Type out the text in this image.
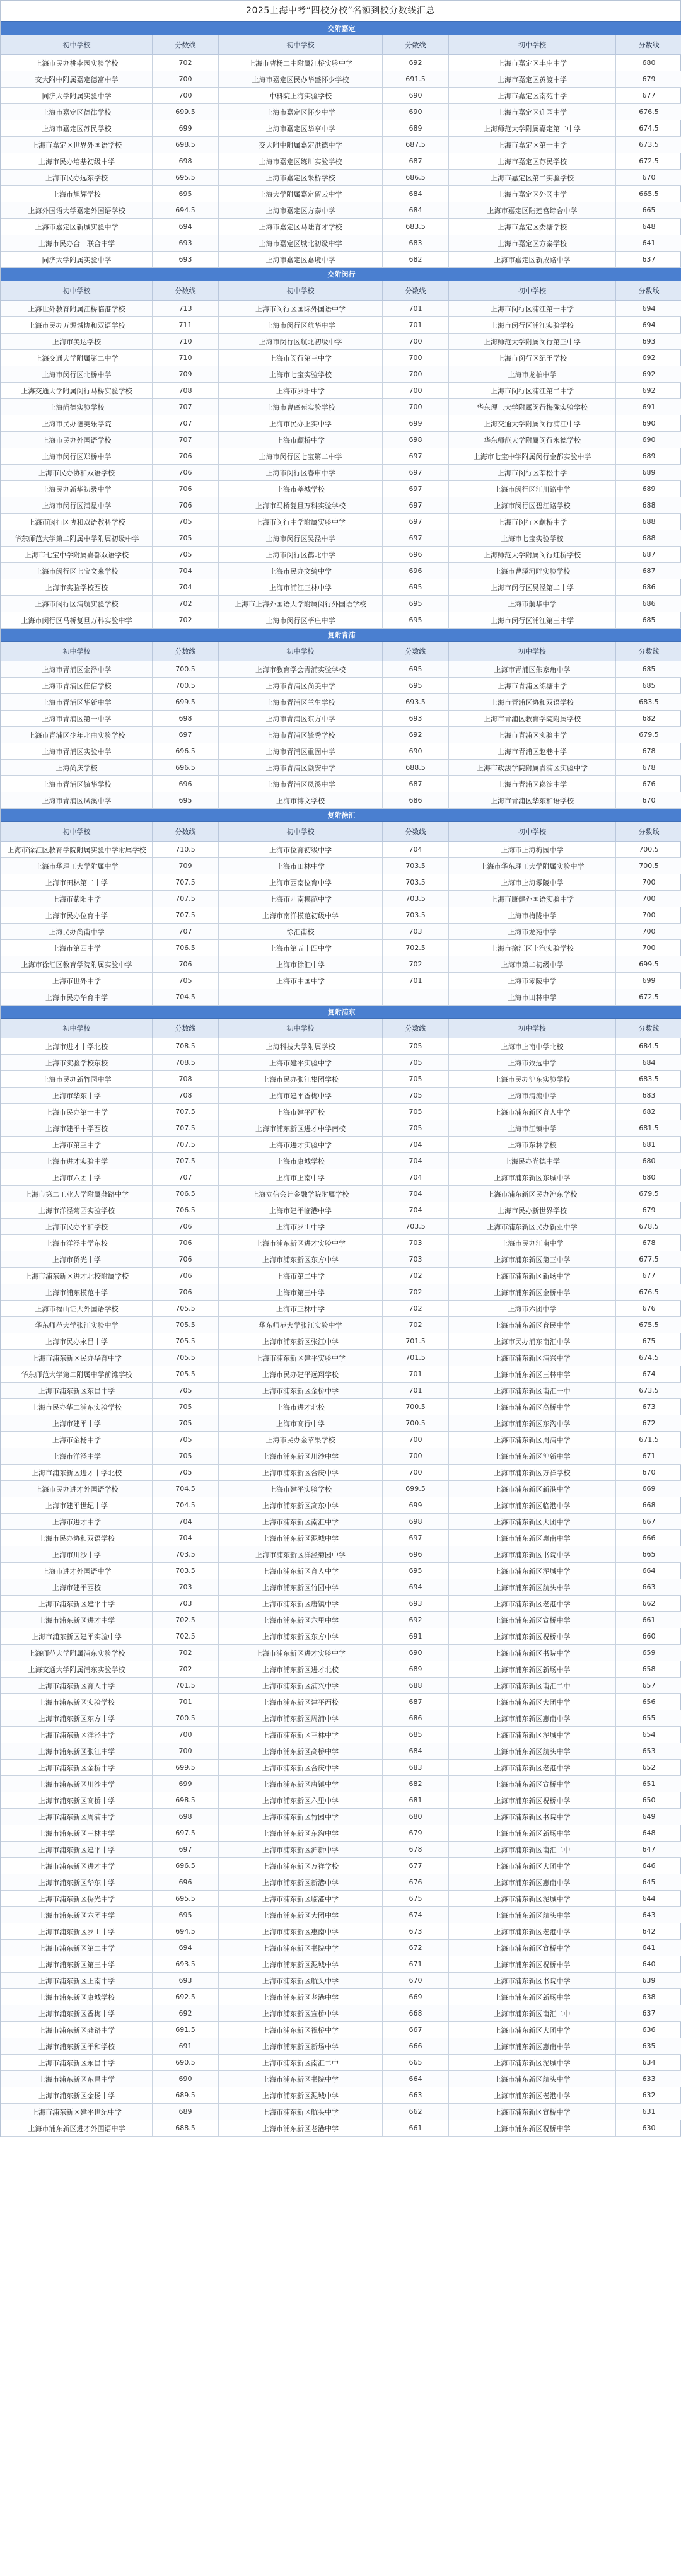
2025上海中考“四校分校”名额到校分数线汇总
交附嘉定					
初中学校	分数线	初中学校	分数线	初中学校	分数线
上海市民办桃李园实验学校	702	上海市曹杨二中附属江桥实验中学	692	上海市嘉定区丰庄中学	680
交大附中附属嘉定德富中学	700	上海市嘉定区民办华盛怀少学校	691.5	上海市嘉定区黄渡中学	679
同济大学附属实验中学	700	中科院上海实验学校	690	上海市嘉定区南苑中学	677
上海市嘉定区德律学校	699.5	上海市嘉定区怀少中学	690	上海市嘉定区迎园中学	676.5
上海市嘉定区苏民学校	699	上海市嘉定区华亭中学	689	上海师范大学附属嘉定第二中学	674.5
上海市嘉定区世界外国语学校	698.5	交大附中附属嘉定洪德中学	687.5	上海市嘉定区第一中学	673.5
上海市民办培基初级中学	698	上海市嘉定区练川实验学校	687	上海市嘉定区苏民学校	672.5
上海市民办远东学校	695.5	上海市嘉定区朱桥学校	686.5	上海市嘉定区第二实验学校	670
上海市旭辉学校	695	上海大学附属嘉定留云中学	684	上海市嘉定区外冈中学	665.5
上海外国语大学嘉定外国语学校	694.5	上海市嘉定区方泰中学	684	上海市嘉定区陆莲宫综合中学	665
上海市嘉定区新城实验中学	694	上海市嘉定区马陆育才学校	683.5	上海市嘉定区娄塘学校	648
上海市民办合一联合中学	693	上海市嘉定区城北初级中学	683	上海市嘉定区方泰学校	641
同济大学附属实验中学	693	上海市嘉定区嘉境中学	682	上海市嘉定区新成路中学	637
交附闵行					
初中学校	分数线	初中学校	分数线	初中学校	分数线
上海世外教育附属江桥临港学校	713	上海市闵行区国际外国语中学	701	上海市闵行区浦江第一中学	694
上海市民办万源城协和双语学校	711	上海市闵行区航华中学	701	上海市闵行区浦江实验学校	694
上海市美达学校	710	上海市闵行区航北初级中学	700	上海师范大学附属闵行第三中学	693
上海交通大学附属第二中学	710	上海市闵行第三中学	700	上海市闵行区纪王学校	692
上海市闵行区北桥中学	709	上海市七宝实验学校	700	上海市龙柏中学	692
上海交通大学附属闵行马桥实验学校	708	上海市罗阳中学	700	上海市闵行区浦江第二中学	692
上海尚德实验学校	707	上海市曹蓬苑实验学校	700	华东理工大学附属闵行梅陇实验学校	691
上海市民办德英乐学院	707	上海市民办上实中学	699	上海交通大学附属闵行浦江中学	690
上海市民办外国语学校	707	上海市颛桥中学	698	华东师范大学附属闵行永德学校	690
上海市闵行区郑桥中学	706	上海市闵行区七宝第二中学	697	上海市七宝中学附属闵行金都实验中学	689
上海市民办协和双语学校	706	上海市闵行区春申中学	697	上海市闵行区莘松中学	689
上海民办新华初级中学	706	上海市莘城学校	697	上海市闵行区江川路中学	689
上海市闵行区浦星中学	706	上海市马桥复旦万科实验学校	697	上海市闵行区碧江路学校	688
上海市闵行区协和双语教科学校	705	上海市闵行中学附属实验中学	697	上海市闵行区颛桥中学	688
华东师范大学第二附属中学附属初级中学	705	上海市闵行区吴泾中学	697	上海市七宝实验学校	688
上海市七宝中学附属嘉都双语学校	705	上海市闵行区鹤北中学	696	上海师范大学附属闵行虹桥学校	687
上海市闵行区七宝文来学校	704	上海市民办文绮中学	696	上海市曹溪河畔实验学校	687
上海市实验学校西校	704	上海市浦江三林中学	695	上海市闵行区吴泾第二中学	686
上海市闵行区浦航实验学校	702	上海市上海外国语大学附属闵行外国语学校	695	上海市航华中学	686
上海市闵行区马桥复旦万科实验中学	702	上海市闵行区莘庄中学	695	上海市闵行区浦江第三中学	685
复附青浦					
初中学校	分数线	初中学校	分数线	初中学校	分数线
上海市青浦区金泽中学	700.5	上海市教育学会青浦实验学校	695	上海市青浦区朱家角中学	685
上海市青浦区佳信学校	700.5	上海市青浦区尚美中学	695	上海市青浦区练塘中学	685
上海市青浦区华新中学	699.5	上海市青浦区兰生学校	693.5	上海市青浦区协和双语学校	683.5
上海市青浦区第一中学	698	上海市青浦区东方中学	693	上海市青浦区教育学院附属学校	682
上海市青浦区少年北曲实验学校	697	上海市青浦区毓秀学校	692	上海市青浦区实验中学	679.5
上海市青浦区实验中学	696.5	上海市青浦区重固中学	690	上海市青浦区赵巷中学	678
上海尚庆学校	696.5	上海市青浦区颜安中学	688.5	上海市政法学院附属青浦区实验中学	678
上海市青浦区毓华学校	696	上海市青浦区凤溪中学	687	上海市青浦区崧淀中学	676
上海市青浦区凤溪中学	695	上海市博文学校	686	上海市青浦区华东和语学校	670
复附徐汇					
初中学校	分数线	初中学校	分数线	初中学校	分数线
上海市徐汇区教育学院附属实验中学附属学校	710.5	上海市位育初级中学	704	上海市上海梅园中学	700.5
上海市华理工大学附属中学	709	上海市田林中学	703.5	上海市华东理工大学附属实验中学	700.5
上海市田林第二中学	707.5	上海市西南位育中学	703.5	上海市上海零陵中学	700
上海市紫阳中学	707.5	上海市西南模范中学	703.5	上海市康健外国语实验中学	700
上海市民办位育中学	707.5	上海市南洋模范初级中学	703.5	上海市梅陇中学	700
上海民办尚南中学	707	徐汇南校	703	上海市龙苑中学	700
上海市第四中学	706.5	上海市第五十四中学	702.5	上海市徐汇区上汽实验学校	700
上海市徐汇区教育学院附属实验中学	706	上海市徐汇中学	702	上海市第二初级中学	699.5
上海市世外中学	705	上海市中国中学	701	上海市零陵中学	699
上海市民办华育中学	704.5			上海市田林中学	672.5
复附浦东					
初中学校	分数线	初中学校	分数线	初中学校	分数线
上海市进才中学北校	708.5	上海科技大学附属学校	705	上海市上南中学北校	684.5
上海市实验学校东校	708.5	上海市建平实验中学	705	上海市致远中学	684
上海市民办新竹园中学	708	上海市民办张江集团学校	705	上海市民办沪东实验学校	683.5
上海市华东中学	708	上海市建平香梅中学	705	上海市清流中学	683
上海市民办第一中学	707.5	上海市建平西校	705	上海市浦东新区育人中学	682
上海市建平中学西校	707.5	上海市浦东新区进才中学南校	705	上海市江镇中学	681.5
上海市第三中学	707.5	上海市进才实验中学	704	上海市东林学校	681
上海市进才实验中学	707.5	上海市康城学校	704	上海民办尚德中学	680
上海市六团中学	707	上海市上南中学	704	上海市浦东新区东城中学	680
上海市第二工业大学附属龚路中学	706.5	上海立信会计金融学院附属学校	704	上海市浦东新区民办沪东学校	679.5
上海市洋泾菊园实验学校	706.5	上海市建平临港中学	704	上海市民办新世界学校	679
上海市民办平和学校	706	上海市罗山中学	703.5	上海市浦东新区民办新亚中学	678.5
上海市洋泾中学东校	706	上海市浦东新区进才实验中学	703	上海市民办江南中学	678
上海市侨光中学	706	上海市浦东新区东方中学	703	上海市浦东新区第三中学	677.5
上海市浦东新区进才北校附属学校	706	上海市第二中学	702	上海市浦东新区新场中学	677
上海市浦东模范中学	706	上海市第三中学	702	上海市浦东新区金桥中学	676.5
上海市福山证大外国语学校	705.5	上海市三林中学	702	上海市六团中学	676
华东师范大学张江实验中学	705.5	华东师范大学张江实验中学	702	上海市浦东新区育民中学	675.5
上海市民办永昌中学	705.5	上海市浦东新区张江中学	701.5	上海市民办浦东南汇中学	675
上海市浦东新区民办华育中学	705.5	上海市浦东新区建平实验中学	701.5	上海市浦东新区浦兴中学	674.5
华东师范大学第二附属中学前滩学校	705.5	上海市民办建平远翔学校	701	上海市浦东新区三林中学	674
上海市浦东新区东昌中学	705	上海市浦东新区金桥中学	701	上海市浦东新区南汇一中	673.5
上海市民办华二浦东实验学校	705	上海市进才北校	700.5	上海市浦东新区高桥中学	673
上海市建平中学	705	上海市高行中学	700.5	上海市浦东新区东沟中学	672
上海市金杨中学	705	上海市民办金苹果学校	700	上海市浦东新区周浦中学	671.5
上海市洋泾中学	705	上海市浦东新区川沙中学	700	上海市浦东新区沪新中学	671
上海市浦东新区进才中学北校	705	上海市浦东新区合庆中学	700	上海市浦东新区万祥学校	670
上海市民办进才外国语学校	704.5	上海市建平实验学校	699.5	上海市浦东新区新港中学	669
上海市建平世纪中学	704.5	上海市浦东新区高东中学	699	上海市浦东新区临港中学	668
上海市进才中学	704	上海市浦东新区南汇中学	698	上海市浦东新区大团中学	667
上海市民办协和双语学校	704	上海市浦东新区泥城中学	697	上海市浦东新区惠南中学	666
上海市川沙中学	703.5	上海市浦东新区洋泾菊园中学	696	上海市浦东新区书院中学	665
上海市进才外国语中学	703.5	上海市浦东新区育人中学	695	上海市浦东新区泥城中学	664
上海市建平西校	703	上海市浦东新区竹园中学	694	上海市浦东新区航头中学	663
上海市浦东新区建平中学	703	上海市浦东新区唐镇中学	693	上海市浦东新区老港中学	662
上海市浦东新区进才中学	702.5	上海市浦东新区六里中学	692	上海市浦东新区宣桥中学	661
上海市浦东新区建平实验中学	702.5	上海市浦东新区东方中学	691	上海市浦东新区祝桥中学	660
上海师范大学附属浦东实验学校	702	上海市浦东新区进才实验中学	690	上海市浦东新区书院中学	659
上海交通大学附属浦东实验学校	702	上海市浦东新区进才北校	689	上海市浦东新区新场中学	658
上海市浦东新区育人中学	701.5	上海市浦东新区浦兴中学	688	上海市浦东新区南汇二中	657
上海市浦东新区实验学校	701	上海市浦东新区建平西校	687	上海市浦东新区大团中学	656
上海市浦东新区东方中学	700.5	上海市浦东新区周浦中学	686	上海市浦东新区惠南中学	655
上海市浦东新区洋泾中学	700	上海市浦东新区三林中学	685	上海市浦东新区泥城中学	654
上海市浦东新区张江中学	700	上海市浦东新区高桥中学	684	上海市浦东新区航头中学	653
上海市浦东新区金桥中学	699.5	上海市浦东新区合庆中学	683	上海市浦东新区老港中学	652
上海市浦东新区川沙中学	699	上海市浦东新区唐镇中学	682	上海市浦东新区宣桥中学	651
上海市浦东新区高桥中学	698.5	上海市浦东新区六里中学	681	上海市浦东新区祝桥中学	650
上海市浦东新区周浦中学	698	上海市浦东新区竹园中学	680	上海市浦东新区书院中学	649
上海市浦东新区三林中学	697.5	上海市浦东新区东沟中学	679	上海市浦东新区新场中学	648
上海市浦东新区建平中学	697	上海市浦东新区沪新中学	678	上海市浦东新区南汇二中	647
上海市浦东新区进才中学	696.5	上海市浦东新区万祥学校	677	上海市浦东新区大团中学	646
上海市浦东新区华东中学	696	上海市浦东新区新港中学	676	上海市浦东新区惠南中学	645
上海市浦东新区侨光中学	695.5	上海市浦东新区临港中学	675	上海市浦东新区泥城中学	644
上海市浦东新区六团中学	695	上海市浦东新区大团中学	674	上海市浦东新区航头中学	643
上海市浦东新区罗山中学	694.5	上海市浦东新区惠南中学	673	上海市浦东新区老港中学	642
上海市浦东新区第二中学	694	上海市浦东新区书院中学	672	上海市浦东新区宣桥中学	641
上海市浦东新区第三中学	693.5	上海市浦东新区泥城中学	671	上海市浦东新区祝桥中学	640
上海市浦东新区上南中学	693	上海市浦东新区航头中学	670	上海市浦东新区书院中学	639
上海市浦东新区康城学校	692.5	上海市浦东新区老港中学	669	上海市浦东新区新场中学	638
上海市浦东新区香梅中学	692	上海市浦东新区宣桥中学	668	上海市浦东新区南汇二中	637
上海市浦东新区龚路中学	691.5	上海市浦东新区祝桥中学	667	上海市浦东新区大团中学	636
上海市浦东新区平和学校	691	上海市浦东新区新场中学	666	上海市浦东新区惠南中学	635
上海市浦东新区永昌中学	690.5	上海市浦东新区南汇二中	665	上海市浦东新区泥城中学	634
上海市浦东新区东昌中学	690	上海市浦东新区书院中学	664	上海市浦东新区航头中学	633
上海市浦东新区金杨中学	689.5	上海市浦东新区泥城中学	663	上海市浦东新区老港中学	632
上海市浦东新区建平世纪中学	689	上海市浦东新区航头中学	662	上海市浦东新区宣桥中学	631
上海市浦东新区进才外国语中学	688.5	上海市浦东新区老港中学	661	上海市浦东新区祝桥中学	630
